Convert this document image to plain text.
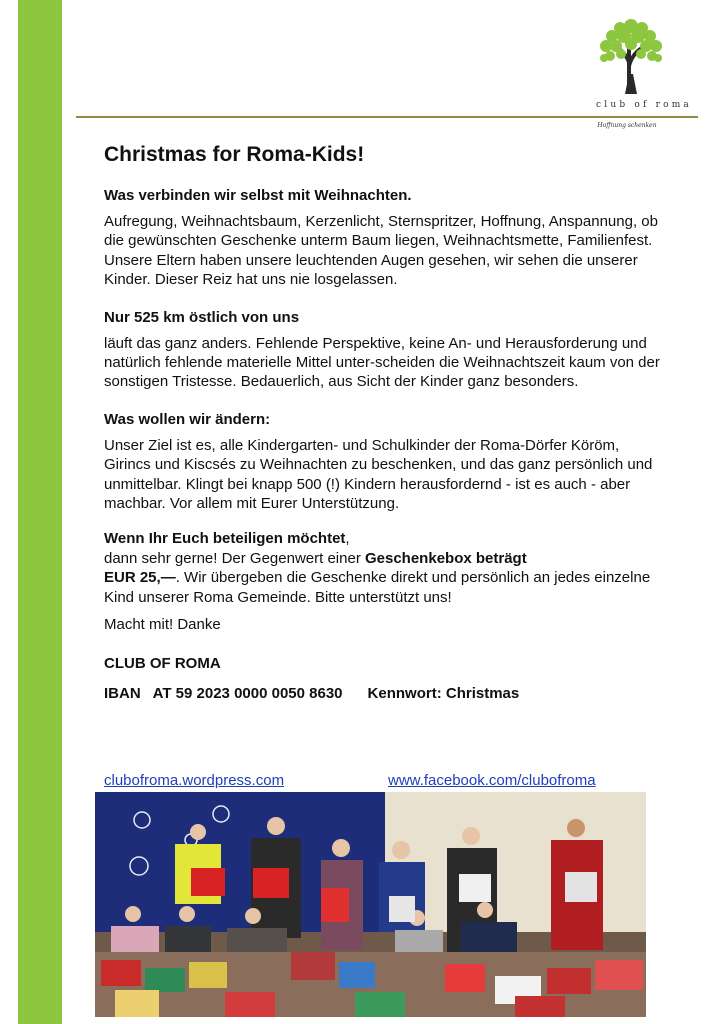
club of roma
Hoffnung schenken
Christmas for Roma-Kids!
Was verbinden wir selbst mit Weihnachten.

Aufregung, Weihnachtsbaum, Kerzenlicht, Sternspritzer, Hoffnung, Anspannung, ob die gewünschten Geschenke unterm Baum liegen, Weihnachtsmette, Familienfest. Unsere Eltern haben unsere leuchtenden Augen gesehen, wir sehen die unserer Kinder. Dieser Reiz hat uns nie losgelassen.

Nur 525 km östlich von uns

läuft das ganz anders. Fehlende Perspektive, keine An- und Herausforderung und natürlich fehlende materielle Mittel unter-scheiden die Weihnachtszeit kaum von der sonstigen Tristesse. Bedauerlich, aus Sicht der Kinder ganz besonders.

Was wollen wir ändern:

Unser Ziel ist es, alle Kindergarten- und Schulkinder der Roma-Dörfer Köröm, Girincs und Kiscsés zu Weihnachten zu beschenken, und das ganz persönlich und unmittelbar. Klingt bei knapp 500 (!) Kindern herausfordernd - ist es auch - aber machbar. Vor allem mit Eurer Unterstützung.

Wenn Ihr Euch beteiligen möchtet,
dann sehr gerne! Der Gegenwert einer Geschenkebox beträgt
EUR 25,—. Wir übergeben die Geschenke direkt und persönlich an jedes einzelne Kind unserer Roma Gemeinde. Bitte unterstützt uns!

Macht mit! Danke

CLUB OF ROMA
IBAN AT 59 2023 0000 0050 8630 Kennwort: Christmas
clubofroma.wordpress.com	www.facebook.com/clubofroma
